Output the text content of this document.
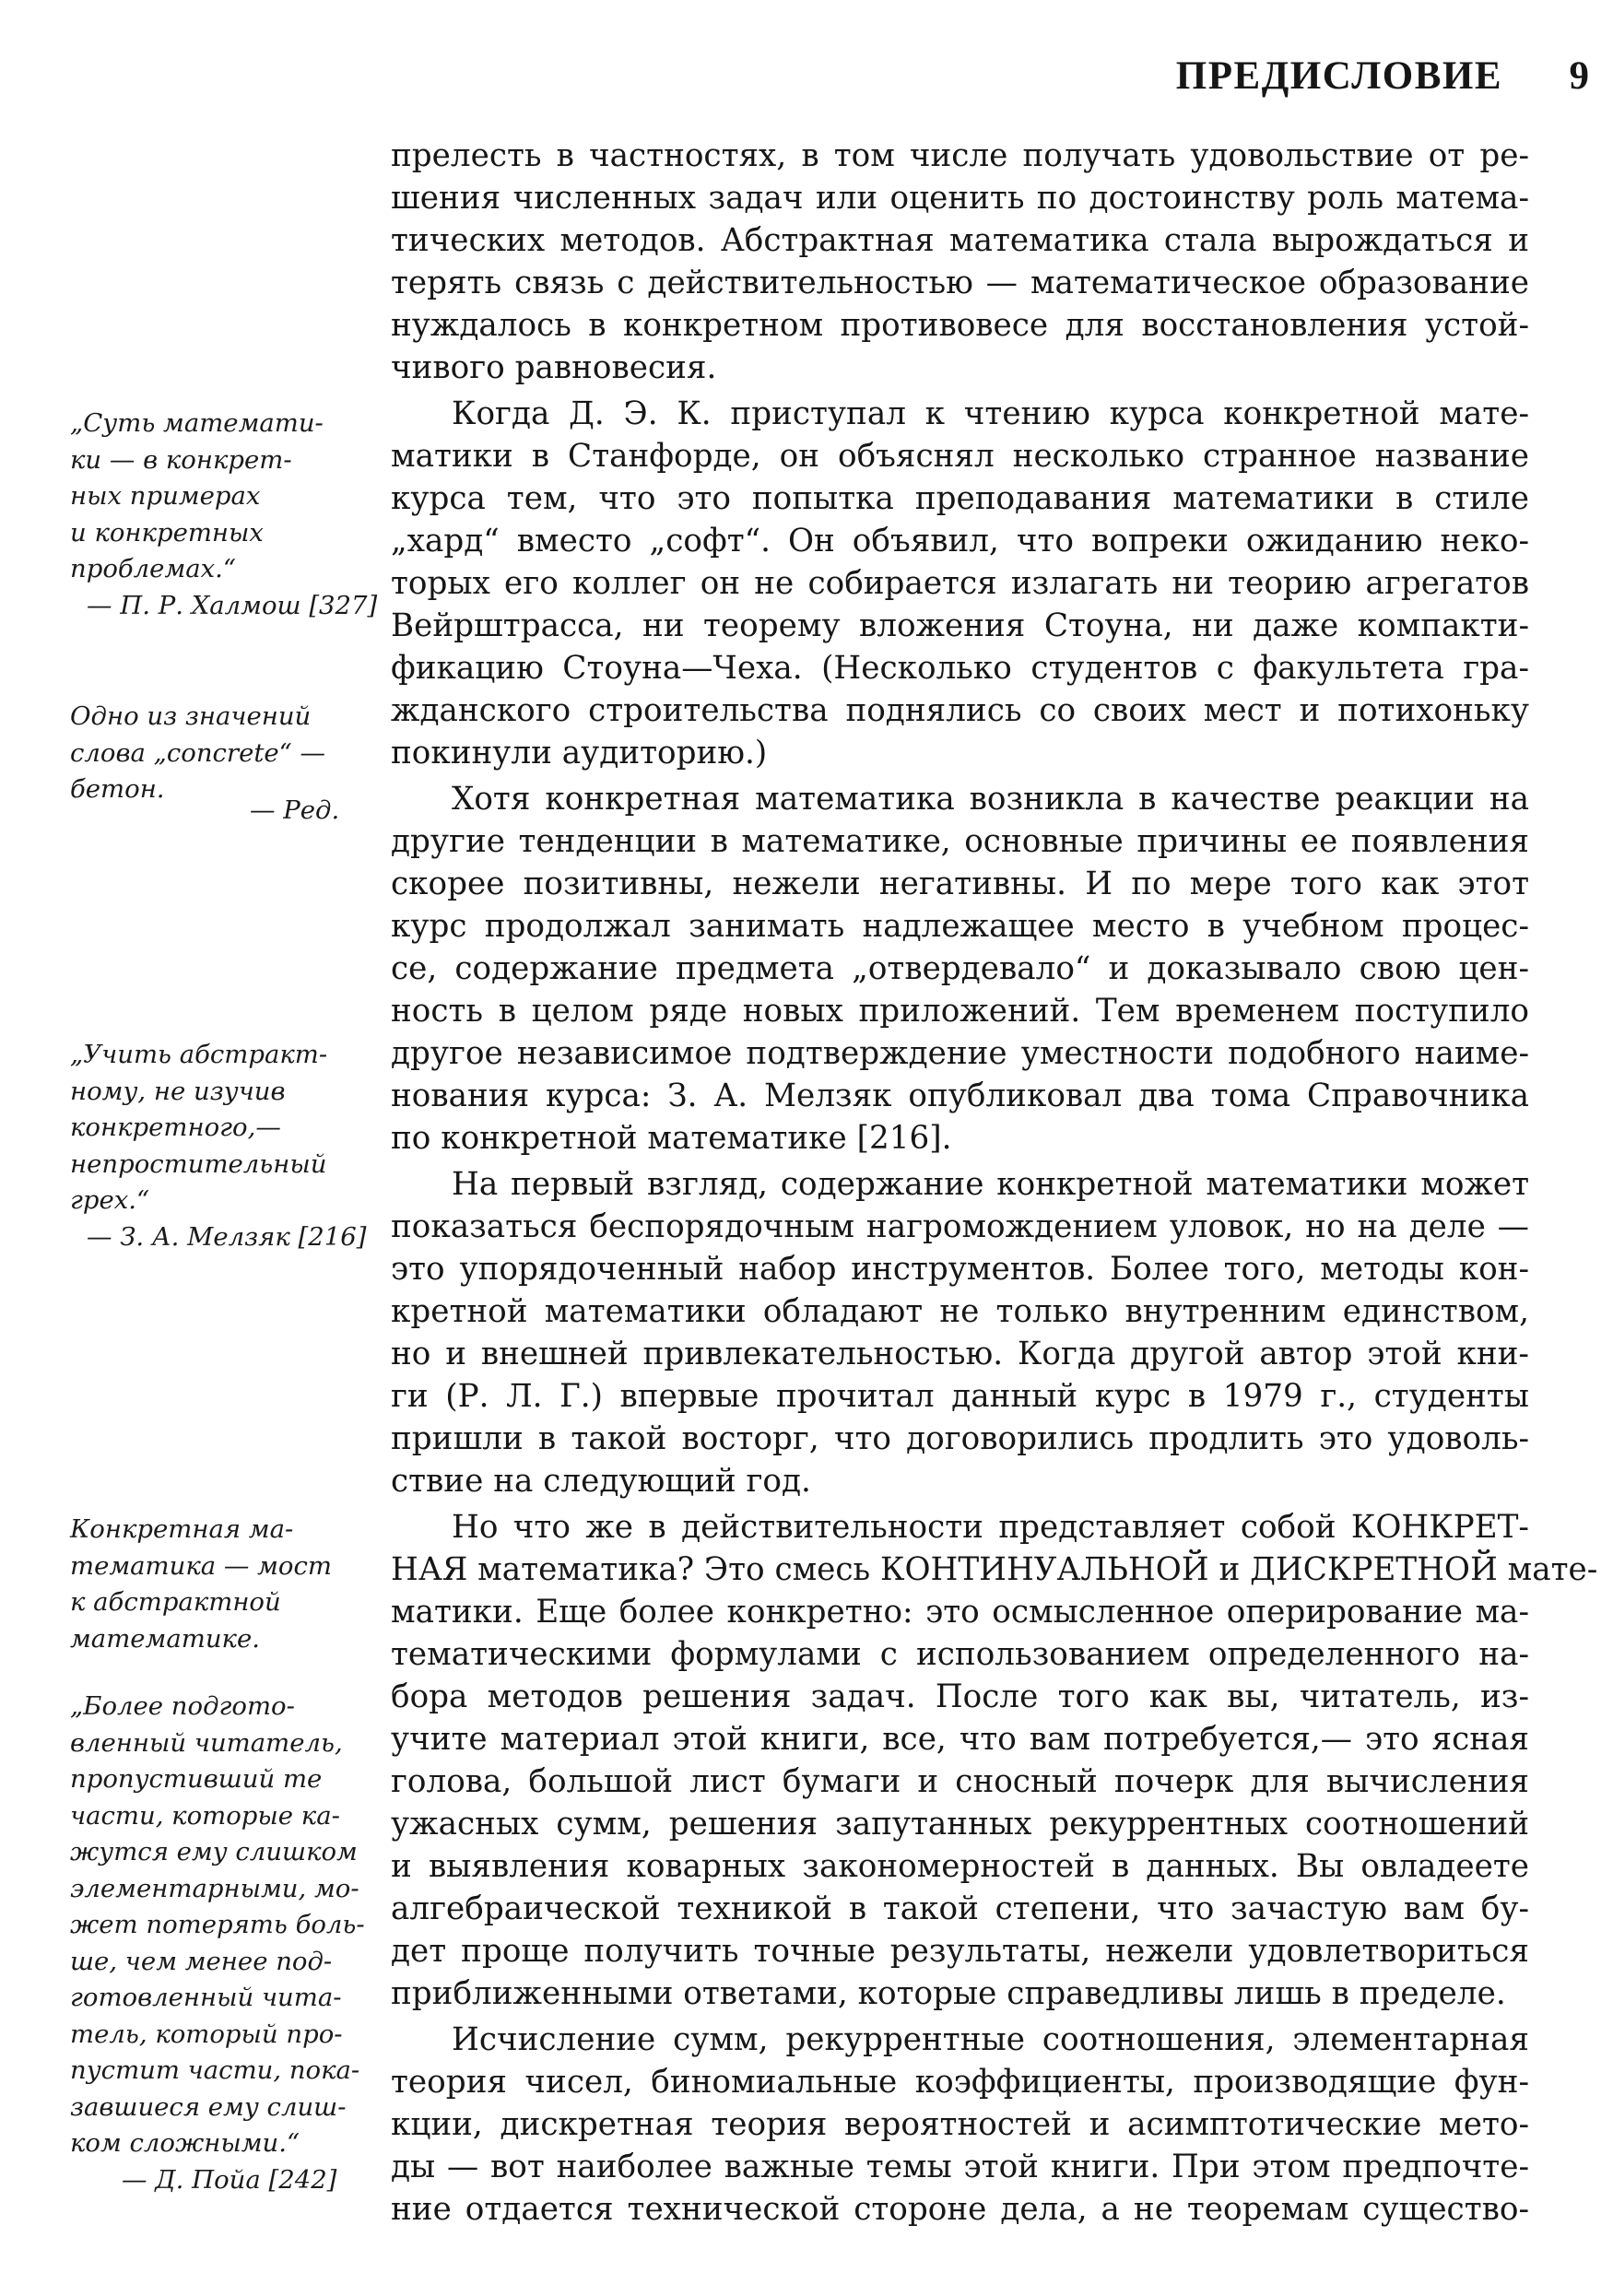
ПРЕДИСЛОВИЕ 9

прелесть в частностях, в том числе получать удовольствие от ре-
шения численных задач или оценить по достоинству роль матема-
тических методов. Абстрактная математика стала вырождаться и
терять связь с действительностью — математическое образование
нуждалось в конкретном противовесе для восстановления устой-
чивого равновесия.

Когда Д. Э. К. приступал к чтению курса конкретной мате-
матики в Станфорде, он объяснял несколько странное название
курса тем, что это попытка преподавания математики в стиле
„хард“ вместо „софт“. Он объявил, что вопреки ожиданию неко-
торых его коллег он не собирается излагать ни теорию агрегатов
Вейрштрасса, ни теорему вложения Стоуна, ни даже компакти-
фикацию Стоуна—Чеха. (Несколько студентов с факультета гра-
жданского строительства поднялись со своих мест и потихоньку
покинули аудиторию.)

Хотя конкретная математика возникла в качестве реакции на
другие тенденции в математике, основные причины ее появления
скорее позитивны, нежели негативны. И по мере того как этот
курс продолжал занимать надлежащее место в учебном процес-
се, содержание предмета „отвердевало“ и доказывало свою цен-
ность в целом ряде новых приложений. Тем временем поступило
другое независимое подтверждение уместности подобного наиме-
нования курса: З. А. Мелзяк опубликовал два тома Справочника
по конкретной математике [216].

На первый взгляд, содержание конкретной математики может
показаться беспорядочным нагромождением уловок, но на деле —
это упорядоченный набор инструментов. Более того, методы кон-
кретной математики обладают не только внутренним единством,
но и внешней привлекательностью. Когда другой автор этой кни-
ги (Р. Л. Г.) впервые прочитал данный курс в 1979 г., студенты
пришли в такой восторг, что договорились продлить это удоволь-
ствие на следующий год.

Но что же в действительности представляет собой КОНКРЕТ-
НАЯ математика? Это смесь КОНТИНУАЛЬНОЙ и ДИСКРЕТНОЙ мате-
матики. Еще более конкретно: это осмысленное оперирование ма-
тематическими формулами с использованием определенного на-
бора методов решения задач. После того как вы, читатель, из-
учите материал этой книги, все, что вам потребуется,— это ясная
голова, большой лист бумаги и сносный почерк для вычисления
ужасных сумм, решения запутанных рекуррентных соотношений
и выявления коварных закономерностей в данных. Вы овладеете
алгебраической техникой в такой степени, что зачастую вам бу-
дет проще получить точные результаты, нежели удовлетвориться
приближенными ответами, которые справедливы лишь в пределе.

Исчисление сумм, рекуррентные соотношения, элементарная
теория чисел, биномиальные коэффициенты, производящие фун-
кции, дискретная теория вероятностей и асимптотические мето-
ды — вот наиболее важные темы этой книги. При этом предпочте-
ние отдается технической стороне дела, а не теоремам существо-

„Суть математи-
ки — в конкрет-
ных примерах
и конкретных
проблемах.“
— П. Р. Халмош [327]
Одно из значений
слова „concrete“ —
бетон.
— Ред.
„Учить абстракт-
ному, не изучив
конкретного,—
непростительный
грех.“
— З. А. Мелзяк [216]
Конкретная ма-
тематика — мост
к абстрактной
математике.
„Более подгото-
вленный читатель,
пропустивший те
части, которые ка-
жутся ему слишком
элементарными, мо-
жет потерять боль-
ше, чем менее под-
готовленный чита-
тель, который про-
пустит части, пока-
завшиеся ему слиш-
ком сложными.“
— Д. Пойа [242]
